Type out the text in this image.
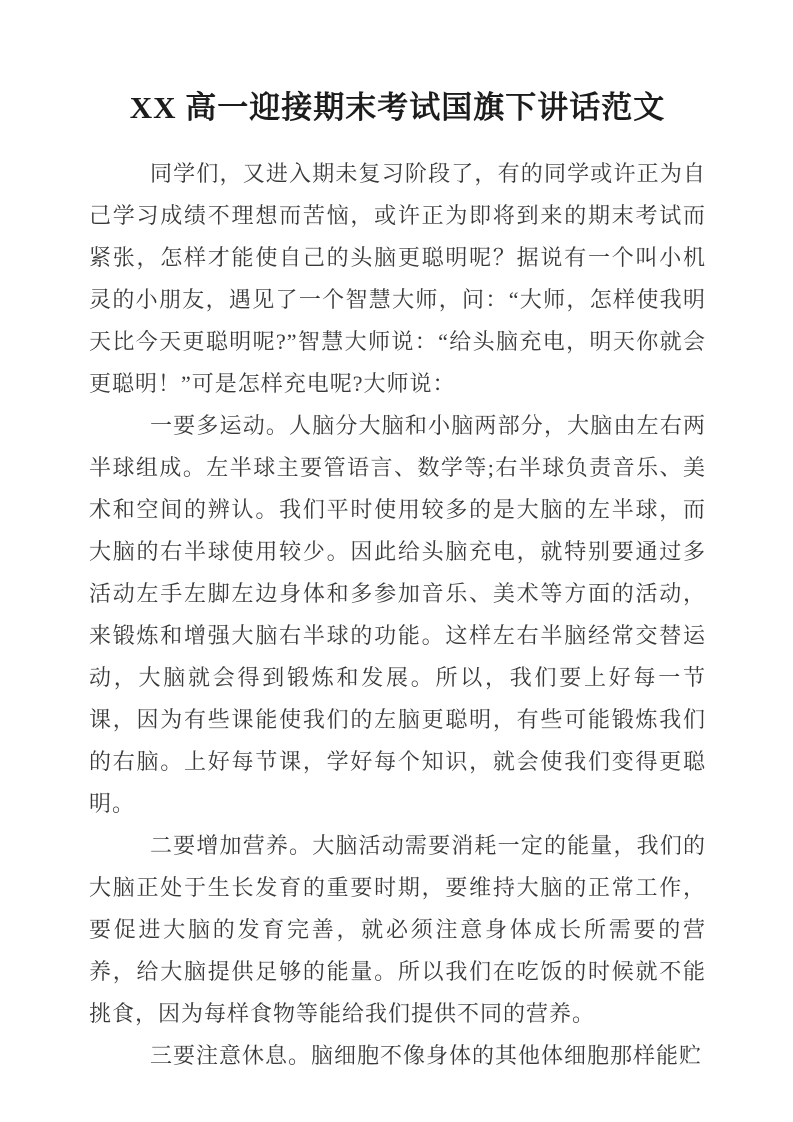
XX 高一迎接期末考试国旗下讲话范文

同学们，又进入期未复习阶段了，有的同学或许正为自己学习成绩不理想而苦恼，或许正为即将到来的期末考试而紧张，怎样才能使自己的头脑更聪明呢？据说有一个叫小机灵的小朋友，遇见了一个智慧大师，问：“大师，怎样使我明天比今天更聪明呢?”智慧大师说：“给头脑充电，明天你就会更聪明！”可是怎样充电呢?大师说：

一要多运动。人脑分大脑和小脑两部分，大脑由左右两半球组成。左半球主要管语言、数学等;右半球负责音乐、美术和空间的辨认。我们平时使用较多的是大脑的左半球，而大脑的右半球使用较少。因此给头脑充电，就特别要通过多活动左手左脚左边身体和多参加音乐、美术等方面的活动，来锻炼和增强大脑右半球的功能。这样左右半脑经常交替运动，大脑就会得到锻炼和发展。所以，我们要上好每一节课，因为有些课能使我们的左脑更聪明，有些可能锻炼我们的右脑。上好每节课，学好每个知识，就会使我们变得更聪明。

二要增加营养。大脑活动需要消耗一定的能量，我们的大脑正处于生长发育的重要时期，要维持大脑的正常工作，要促进大脑的发育完善，就必须注意身体成长所需要的营养，给大脑提供足够的能量。所以我们在吃饭的时候就不能挑食，因为每样食物等能给我们提供不同的营养。

三要注意休息。脑细胞不像身体的其他体细胞那样能贮
